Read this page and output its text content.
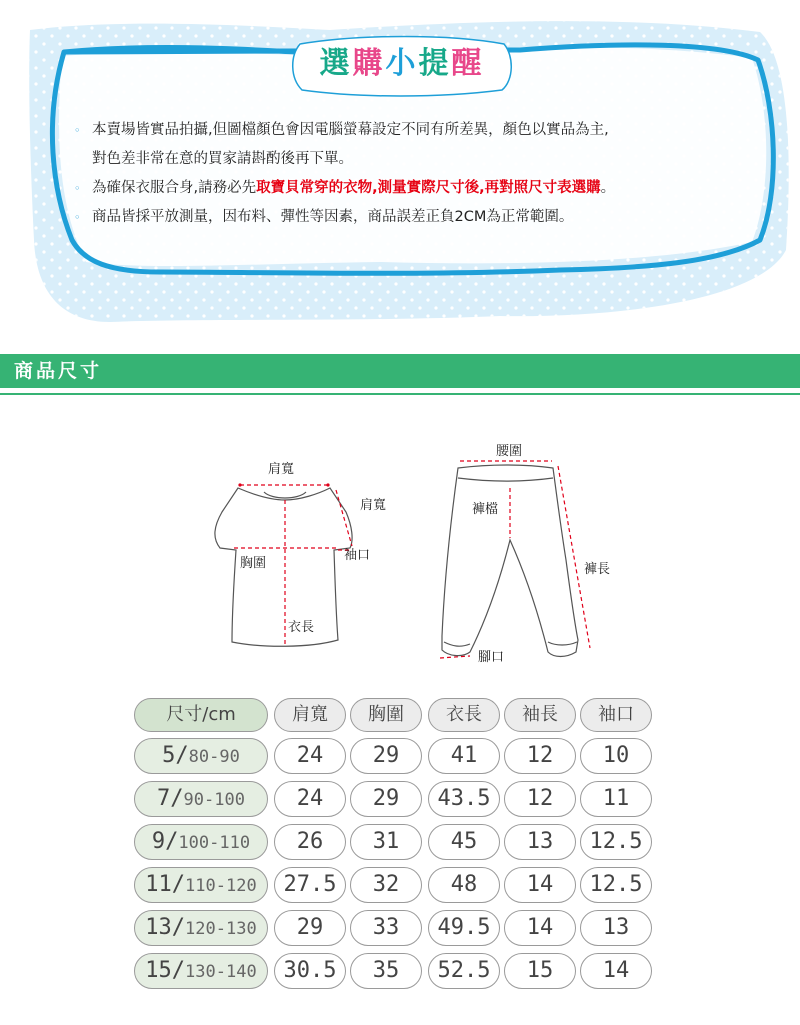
選購小提醒
◦ 本賣場皆實品拍攝,但圖檔顏色會因電腦螢幕設定不同有所差異，顏色以實品為主,
對色差非常在意的買家請斟酌後再下單。
◦ 為確保衣服合身,請務必先 取寶貝常穿的衣物,測量實際尺寸後,再對照尺寸表選購 。
◦ 商品皆採平放測量，因布料、彈性等因素，商品誤差正負2CM為正常範圍。
商品尺寸
肩寬
肩寬
袖口
胸圍
衣長
腰圍
褲檔
褲長
腳口
尺寸/cm	肩寬	胸圍	衣長	袖長	袖口
5/80-90	24	29	41	12	10
7/90-100	24	29	43.5	12	11
9/100-110	26	31	45	13	12.5
11/110-120	27.5	32	48	14	12.5
13/120-130	29	33	49.5	14	13
15/130-140	30.5	35	52.5	15	14
